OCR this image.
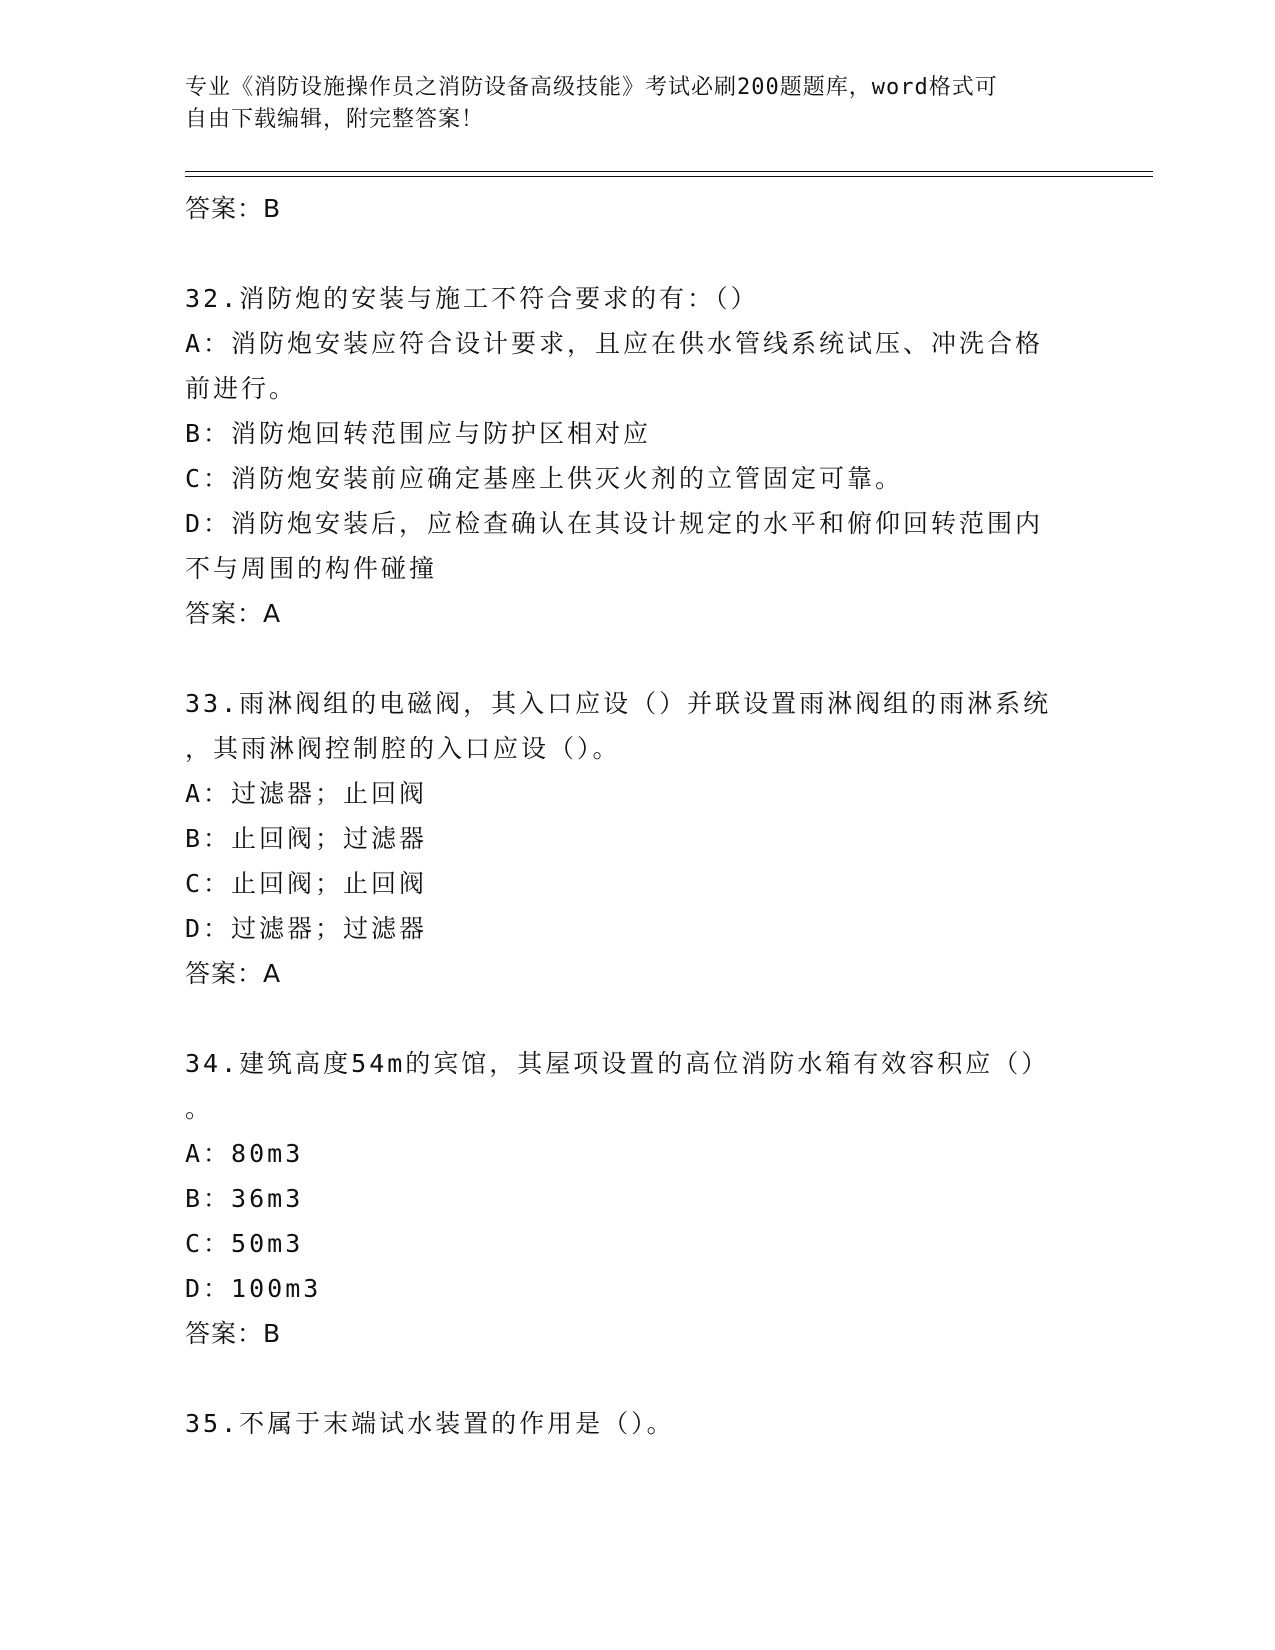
专业《消防设施操作员之消防设备高级技能》考试必刷200题题库，word格式可
自由下载编辑，附完整答案！
答案：B
32.消防炮的安装与施工不符合要求的有：（）
A：消防炮安装应符合设计要求，且应在供水管线系统试压、冲洗合格
前进行。
B：消防炮回转范围应与防护区相对应
C：消防炮安装前应确定基座上供灭火剂的立管固定可靠。
D：消防炮安装后，应检查确认在其设计规定的水平和俯仰回转范围内
不与周围的构件碰撞
答案：A
33.雨淋阀组的电磁阀，其入口应设（）并联设置雨淋阀组的雨淋系统
，其雨淋阀控制腔的入口应设（）。
A：过滤器；止回阀
B：止回阀；过滤器
C：止回阀；止回阀
D：过滤器；过滤器
答案：A
34.建筑高度54m的宾馆，其屋项设置的高位消防水箱有效容积应（）
。
A：80m3
B：36m3
C：50m3
D：100m3
答案：B
35.不属于末端试水装置的作用是（）。
